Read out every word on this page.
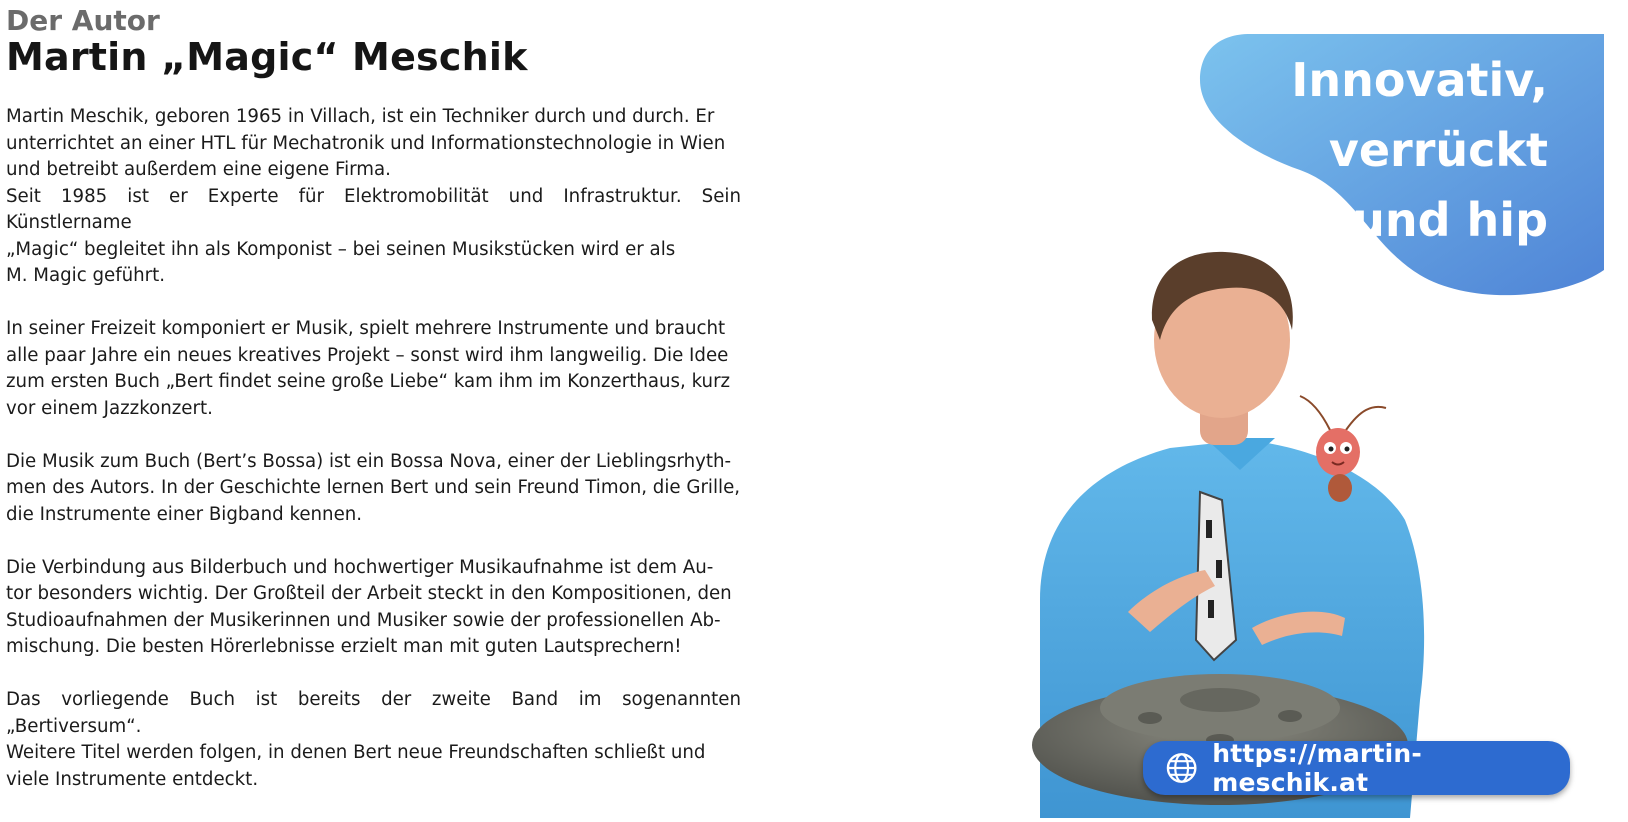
Der Autor
Martin „Magic“ Meschik

Martin Meschik, geboren 1965 in Villach, ist ein Techniker durch und durch. Er
unterrichtet an einer HTL für Mechatronik und Informationstechnologie in Wien
und betreibt außerdem eine eigene Firma.
Seit 1985 ist er Experte für Elektromobilität und Infrastruktur. Sein Künstlername
„Magic“ begleitet ihn als Komponist – bei seinen Musikstücken wird er als
M. Magic geführt.

In seiner Freizeit komponiert er Musik, spielt mehrere Instrumente und braucht
alle paar Jahre ein neues kreatives Projekt – sonst wird ihm langweilig. Die Idee
zum ersten Buch „Bert findet seine große Liebe“ kam ihm im Konzerthaus, kurz
vor einem Jazzkonzert.

Die Musik zum Buch (Bert’s Bossa) ist ein Bossa Nova, einer der Lieblingsrhyth-
men des Autors. In der Geschichte lernen Bert und sein Freund Timon, die Grille,
die Instrumente einer Bigband kennen.

Die Verbindung aus Bilderbuch und hochwertiger Musikaufnahme ist dem Au-
tor besonders wichtig. Der Großteil der Arbeit steckt in den Kompositionen, den
Studioaufnahmen der Musikerinnen und Musiker sowie der professionellen Ab-
mischung. Die besten Hörerlebnisse erzielt man mit guten Lautsprechern!

Das vorliegende Buch ist bereits der zweite Band im sogenannten „Bertiversum“.
Weitere Titel werden folgen, in denen Bert neue Freundschaften schließt und
viele Instrumente entdeckt.

Innovativ,
verrückt
und hip
https://martin-meschik.at
